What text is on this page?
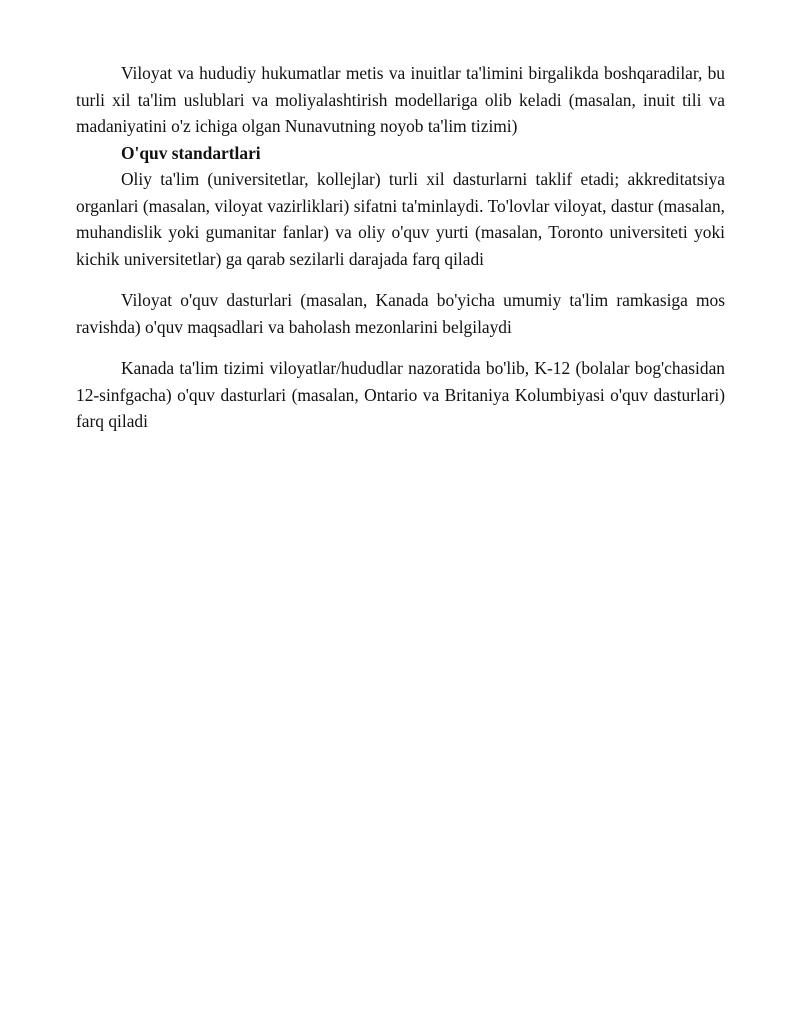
Viloyat va hududiy hukumatlar metis va inuitlar ta'limini birgalikda boshqaradilar, bu turli xil ta'lim uslublari va moliyalashtirish modellariga olib keladi (masalan, inuit tili va madaniyatini o'z ichiga olgan Nunavutning noyob ta'lim tizimi)

O'quv standartlari

Oliy ta'lim (universitetlar, kollejlar) turli xil dasturlarni taklif etadi; akkreditatsiya organlari (masalan, viloyat vazirliklari) sifatni ta'minlaydi. To'lovlar viloyat, dastur (masalan, muhandislik yoki gumanitar fanlar) va oliy o'quv yurti (masalan, Toronto universiteti yoki kichik universitetlar) ga qarab sezilarli darajada farq qiladi

Viloyat o'quv dasturlari (masalan, Kanada bo'yicha umumiy ta'lim ramkasiga mos ravishda) o'quv maqsadlari va baholash mezonlarini belgilaydi

Kanada ta'lim tizimi viloyatlar/hududlar nazoratida bo'lib, K-12 (bolalar bog'chasidan 12-sinfgacha) o'quv dasturlari (masalan, Ontario va Britaniya Kolumbiyasi o'quv dasturlari) farq qiladi
